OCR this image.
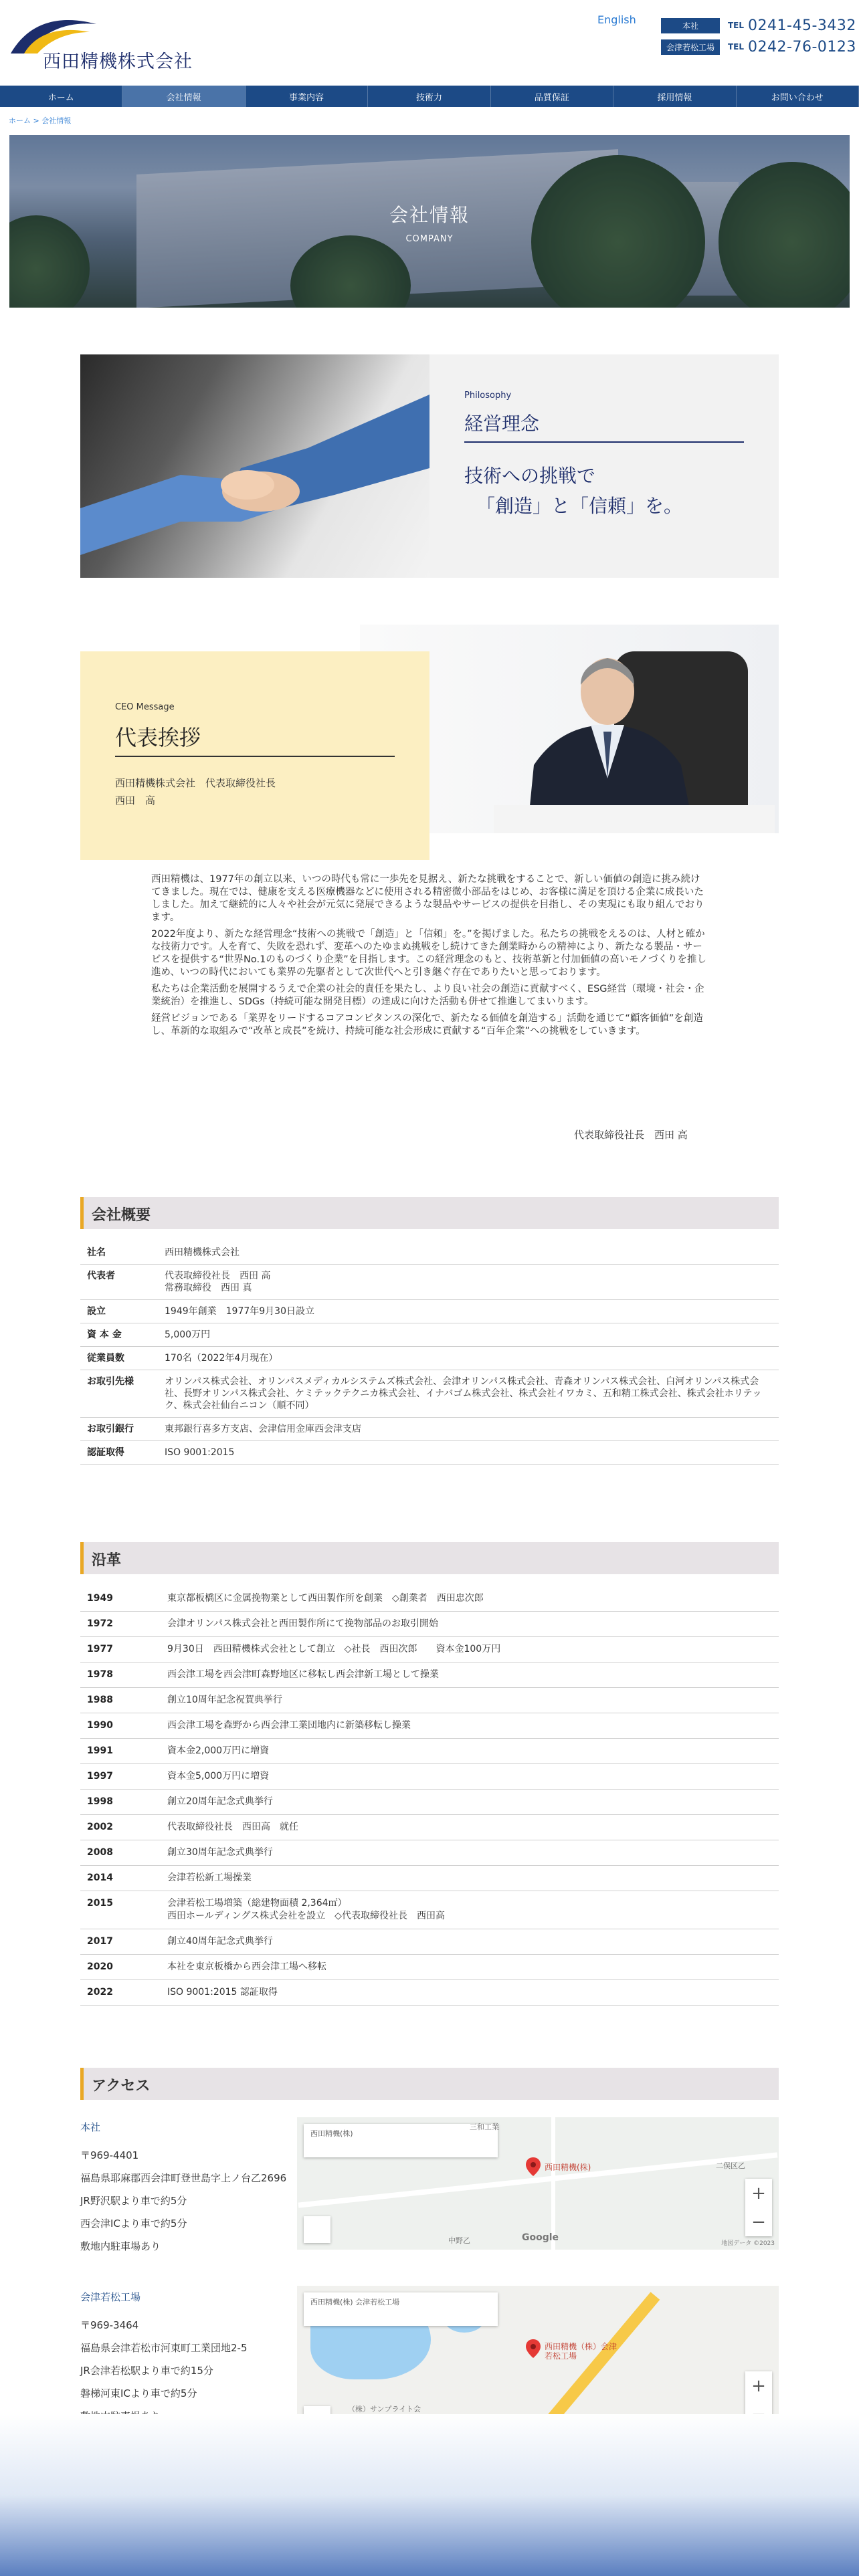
西田精機株式会社
English	本社	TEL 0241-45-3432
会津若松工場	TEL 0242-76-0123
ホーム	会社情報	事業内容	技術力	品質保証	採用情報	お問い合わせ
ホーム > 会社情報
会社情報
COMPANY
Philosophy
経営理念
技術への挑戦で
「創造」と「信頼」を。
CEO Message
代表挨拶
西田精機株式会社　代表取締役社長
西田　高

西田精機は、1977年の創立以来、いつの時代も常に一歩先を見据え、新たな挑戦をすることで、新しい価値の創造に挑み続けてきました。現在では、健康を支える医療機器などに使用される精密微小部品をはじめ、お客様に満足を頂ける企業に成長いたしました。加えて継続的に人々や社会が元気に発展できるような製品やサービスの提供を目指し、その実現にも取り組んでおります。

2022年度より、新たな経営理念“技術への挑戦で「創造」と「信頼」を。”を掲げました。私たちの挑戦をえるのは、人材と確かな技術力です。人を育て、失敗を恐れず、変革へのたゆまぬ挑戦をし続けてきた創業時からの精神により、新たなる製品・サービスを提供する“世界No.1のものづくり企業”を目指します。この経営理念のもと、技術革新と付加価値の高いモノづくりを推し進め、いつの時代においても業界の先駆者として次世代へと引き継ぐ存在でありたいと思っております。

私たちは企業活動を展開するうえで企業の社会的責任を果たし、より良い社会の創造に貢献すべく、ESG経営（環境・社会・企業統治）を推進し、SDGs（持続可能な開発目標）の達成に向けた活動も併せて推進してまいります。

経営ビジョンである「業界をリードするコアコンピタンスの深化で、新たなる価値を創造する」活動を通じて“顧客価値”を創造し、革新的な取組みで“改革と成長”を続け、持続可能な社会形成に貢献する“百年企業”への挑戦をしていきます。

代表取締役社長　西田 高
会社概要
社名	西田精機株式会社
代表者	代表取締役社長　西田 高
常務取締役　西田 真
設立	1949年創業　1977年9月30日設立
資 本 金	5,000万円
従業員数	170名（2022年4月現在）
お取引先様	オリンパス株式会社、オリンパスメディカルシステムズ株式会社、会津オリンパス株式会社、青森オリンパス株式会社、白河オリンパス株式会社、長野オリンパス株式会社、ケミテックテクニカ株式会社、イナバゴム株式会社、株式会社イワカミ、五和精工株式会社、株式会社ホリテック、株式会社仙台ニコン（順不同）
お取引銀行	東邦銀行喜多方支店、会津信用金庫西会津支店
認証取得	ISO 9001:2015
沿革
1949	東京都板橋区に金属挽物業として西田製作所を創業　◇創業者　西田忠次郎
1972	会津オリンパス株式会社と西田製作所にて挽物部品のお取引開始
1977	9月30日　西田精機株式会社として創立　◇社長　西田次郎　　資本金100万円
1978	西会津工場を西会津町森野地区に移転し西会津新工場として操業
1988	創立10周年記念祝賀典挙行
1990	西会津工場を森野から西会津工業団地内に新築移転し操業
1991	資本金2,000万円に増資
1997	資本金5,000万円に増資
1998	創立20周年記念式典挙行
2002	代表取締役社長　西田高　就任
2008	創立30周年記念式典挙行
2014	会津若松新工場操業
2015	会津若松工場増築（総建物面積 2,364㎡）
西田ホールディングス株式会社を設立　◇代表取締役社長　西田高
2017	創立40周年記念式典挙行
2020	本社を東京板橋から西会津工場へ移転
2022	ISO 9001:2015 認証取得
アクセス
本社
〒969-4401
福島県耶麻郡西会津町登世島字上ノ台乙2696
JR野沢駅より車で約5分
西会津ICより車で約5分
敷地内駐車場あり
西田精機(株)
西田精機(株)
三和工業
二俣区乙
中野乙
+
−
Google
地図データ ©2023
会津若松工場
〒969-3464
福島県会津若松市河東町工業団地2-5
JR会津若松駅より車で約15分
磐梯河東ICより車で約5分
西田精機(株) 会津若松工場
西田精機（株）会津若松工場
（株）サンプライト会
+
